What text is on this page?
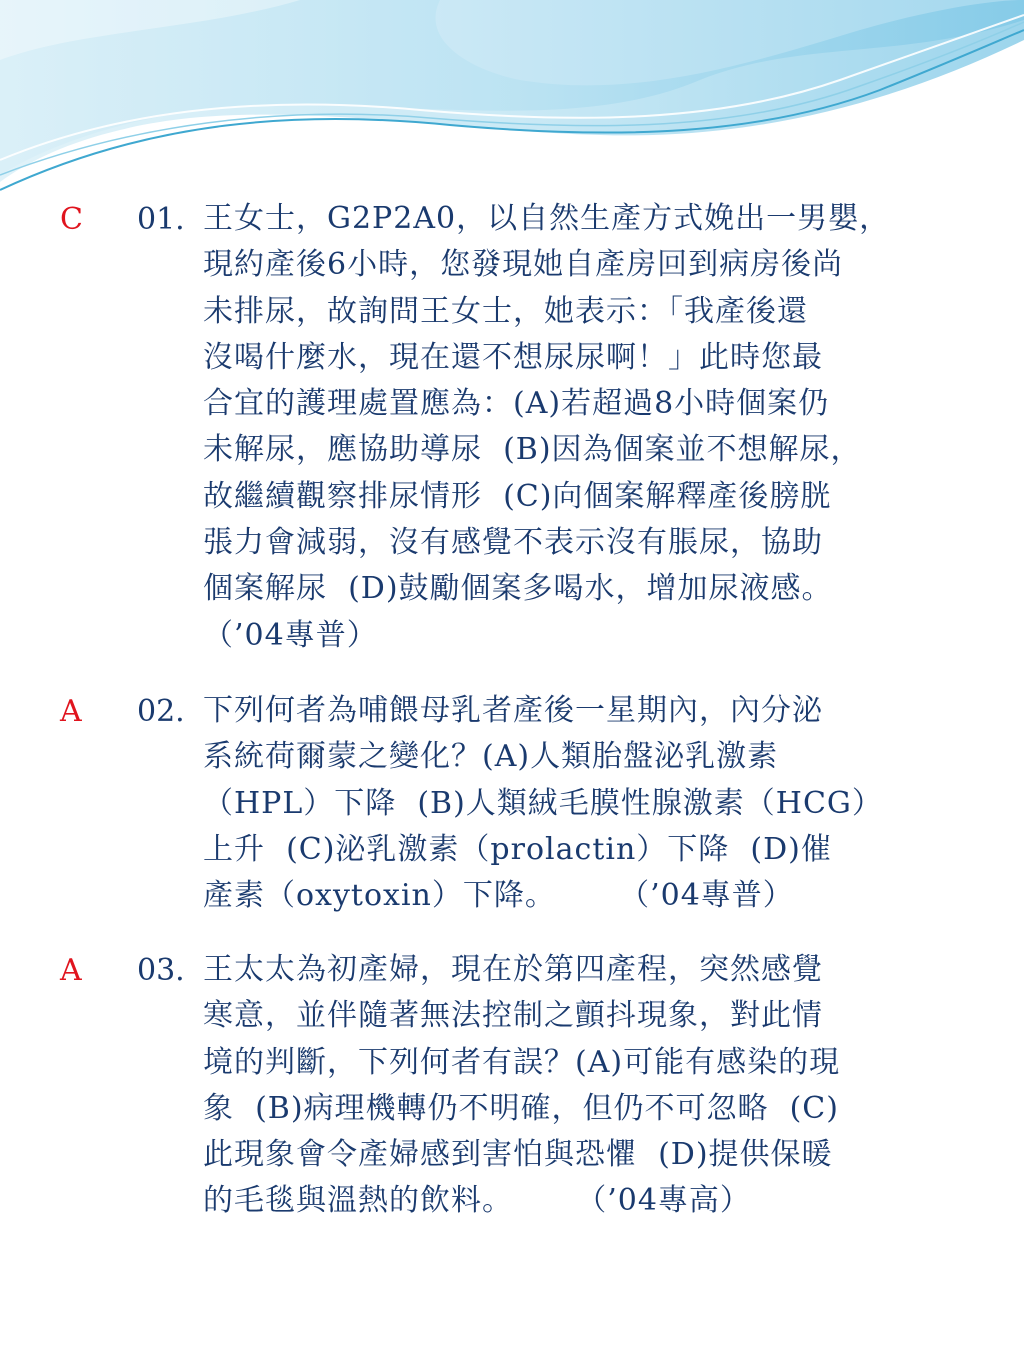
C 01. 王女士，G2P2A0，以自然生產方式娩出一男嬰，
現約產後6小時，您發現她自產房回到病房後尚
未排尿，故詢問王女士，她表示：「我產後還
沒喝什麼水，現在還不想尿尿啊！」此時您最
合宜的護理處置應為：(A)若超過8小時個案仍
未解尿，應協助導尿  (B)因為個案並不想解尿，
故繼續觀察排尿情形  (C)向個案解釋產後膀胱
張力會減弱，沒有感覺不表示沒有脹尿，協助
個案解尿  (D)鼓勵個案多喝水，增加尿液感。
（’04專普）
A 02. 下列何者為哺餵母乳者產後一星期內，內分泌
系統荷爾蒙之變化？(A)人類胎盤泌乳激素
（HPL）下降  (B)人類絨毛膜性腺激素（HCG）
上升  (C)泌乳激素（prolactin）下降  (D)催
產素（oxytoxin）下降。      （’04專普）
A 03. 王太太為初產婦，現在於第四產程，突然感覺
寒意，並伴隨著無法控制之顫抖現象，對此情
境的判斷，下列何者有誤？(A)可能有感染的現
象  (B)病理機轉仍不明確，但仍不可忽略  (C)
此現象會令產婦感到害怕與恐懼  (D)提供保暖
的毛毯與溫熱的飲料。      （’04專高）
